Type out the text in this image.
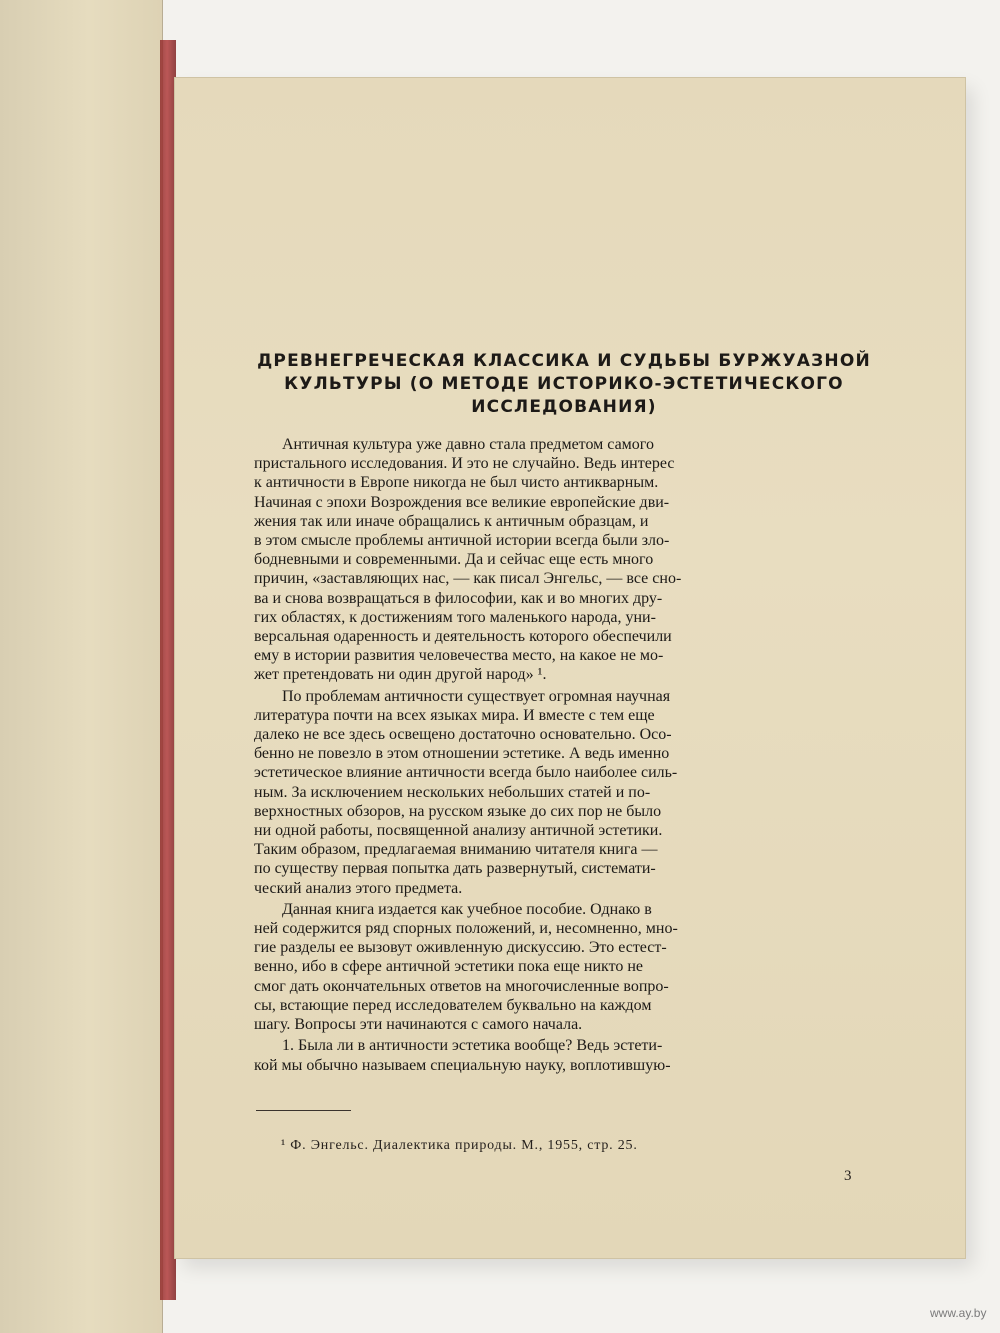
ДРЕВНЕГРЕЧЕСКАЯ КЛАССИКА И СУДЬБЫ БУРЖУАЗНОЙ
КУЛЬТУРЫ (О МЕТОДЕ ИСТОРИКО-ЭСТЕТИЧЕСКОГО
ИССЛЕДОВАНИЯ)
Античная культура уже давно стала предметом самого
пристального исследования. И это не случайно. Ведь интерес
к античности в Европе никогда не был чисто антикварным.
Начиная с эпохи Возрождения все великие европейские дви-
жения так или иначе обращались к античным образцам, и
в этом смысле проблемы античной истории всегда были зло-
бодневными и современными. Да и сейчас еще есть много
причин, «заставляющих нас, — как писал Энгельс, — все сно-
ва и снова возвращаться в философии, как и во многих дру-
гих областях, к достижениям того маленького народа, уни-
версальная одаренность и деятельность которого обеспечили
ему в истории развития человечества место, на какое не мо-
жет претендовать ни один другой народ» ¹.
По проблемам античности существует огромная научная
литература почти на всех языках мира. И вместе с тем еще
далеко не все здесь освещено достаточно основательно. Осо-
бенно не повезло в этом отношении эстетике. А ведь именно
эстетическое влияние античности всегда было наиболее силь-
ным. За исключением нескольких небольших статей и по-
верхностных обзоров, на русском языке до сих пор не было
ни одной работы, посвященной анализу античной эстетики.
Таким образом, предлагаемая вниманию читателя книга —
по существу первая попытка дать развернутый, системати-
ческий анализ этого предмета.
Данная книга издается как учебное пособие. Однако в
ней содержится ряд спорных положений, и, несомненно, мно-
гие разделы ее вызовут оживленную дискуссию. Это естест-
венно, ибо в сфере античной эстетики пока еще никто не
смог дать окончательных ответов на многочисленные вопро-
сы, встающие перед исследователем буквально на каждом
шагу. Вопросы эти начинаются с самого начала.
1. Была ли в античности эстетика вообще? Ведь эстети-
кой мы обычно называем специальную науку, воплотившую-
¹ Ф. Энгельс. Диалектика природы. М., 1955, стр. 25.
3
www.ay.by
